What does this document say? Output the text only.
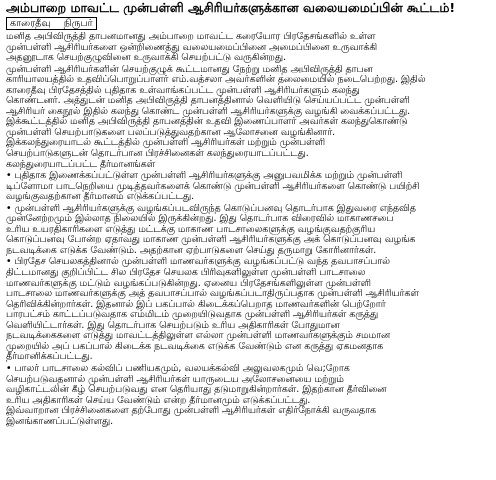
அம்பாறை மாவட்ட முன்பள்ளி ஆசிரியர்களுக்கான வலையமைப்பின் கூட்டம்!
காரைதீவு நிருபர்
மனித அபிவிருத்தி தாபனமானது அம்பாறை மாவட்ட கரையோர பிரதேசங்களில் உள்ள
முன்பள்ளி ஆசிரியர்களை ஒன்றிணைத்து வலையமைப்பினை அமைப்பினை உருவாக்கி
அதனூடாக செயற்குழுவினை உருவாக்கி செயற்பட்டு வருகின்றது.
முன்பள்ளி ஆசிரியர்களின் செயற்குழுக் கூட்டமானது நேற்று மனித அபிவிருத்தி தாபன
காரியாலயத்தில் உதவிப்பொறுப்பாளர் எம்.வத்சலா அவர்களின் தலைமையில் நடைபெற்றது. இதில்
காரைதீவு பிரதேசத்தில் புதிதாக உள்வாங்கப்பட்ட முன்பள்ளி ஆசிரியர்களும் கலந்து
கொண்டனர். அத்துடன் மனித அபிவிருத்தி தாபனத்தினால் வெளியிடு செய்யப்பட்ட முன்பள்ளி
ஆசிரியர் கைநூல் இதில் கலந்து கொண்ட முன்பள்ளி ஆசிரியர்களுக்கு வழங்கி வைக்கப்பட்டது.
இக்கூட்டத்தில் மனித அபிவிருத்தி தாபனத்தின் உதவி இணைப்பாளர் அவர்கள் கலந்துகொண்டு
முன்பள்ளி செயற்பாடுகளை பலப்படுத்துவதற்கான ஆலோசனை வழங்கினார்.
இக்கலந்துரையாடல் கூட்டத்தில் முன்பள்ளி ஆசிரியர்கள் மற்றும் முன்பள்ளி
செயற்பாடுகளுடன் தொடர்பான பிரச்சினைகள் கலந்துரையாடப்பட்டது.
கலந்துரையாடப்பட்ட தீர்மானங்கள்
• புதிதாக இணைக்கப்பட்டுள்ள முன்பள்ளி ஆசிரியர்களுக்கு அனுபவமிக்க மற்றும் முன்பள்ளி
டிப்ளோமா பாடநெறியை முடித்தவர்களைக் கொண்டு முன்பள்ளி ஆசிரியர்களை கொண்டு பயிற்சி
வழங்குவதற்கான தீர்மானம் எடுக்கப்பட்டது.
• முன்பள்ளி ஆசிரியர்களுக்கு வழங்கப்படவிருந்த கொடுப்பனவு தொடர்பாக இதுவரை எந்தவித
முன்னேற்றமும் இல்லாத நிலையில் இருக்கின்றது. இது தொடர்பாக விரைவில் மாகாணசபை
உரிய உயரதிகாரிகளை எடுத்து மட்டக்கு மாகாண பாடசாலைகளுக்கு வழங்குவதற்குரிய
கொடுப்பனவு போன்ற ஏதாவது மாகாண முன்பள்ளி ஆசிரியர்களுக்கு அக் கொடுப்பனவு வழங்க
நடவடிக்கை எடுக்க வேண்டும். அதற்கான ஏற்பாடுகளை செய்து தருமாறு கோரினார்கள்.
• பிரதேச செயலகத்தினால் முன்பள்ளி மாணவர்களுக்கு வழங்கப்பட்டு வந்த தவபாசப்பால்
திட்டமானது குறிப்பிட்ட சில பிரதேச செயலக பிரிவுகளிலுள்ள முன்பள்ளி பாடசாலை
மாணவர்களுக்கு மட்டும் வழங்கப்படுகின்றது. ஏனைய பிரதேசங்களிலுள்ள முன்பள்ளி
பாடசாலை மாணவர்களுக்கு அத் தவபாசப்பால் வழங்கப்படாதிருப்பதாக முன்பள்ளி ஆசிரியர்கள்
தெரிவிக்கின்றார்கள். இதனால் இப் பகப்பால் கிடைக்கப்பெறாத மாணவர்களின் பெற்றோர்
பாரபட்சம் காட்டப்படுவதாக எம்மிடம் முறையிடுவதாக முன்பள்ளி ஆசிரியர்கள் கருத்து
வெளியிட்டார்கள். இது தொடர்பாக செயற்படும் உரிய அதிகாரிகள் போதுமான
நடவடிக்கைகளை எடுத்து மாவட்டத்திலுள்ள எல்லா முன்பள்ளி மாணவர்களுக்கும் சமமான
முறையில் அப் பகப்பால் கிடைக்க நடவடிக்கை எடுக்க வேண்டும் என கருத்து ஏகமனதாக
தீர்மானிக்கப்பட்டது.
• பாலர் பாடசாலை கல்விப் பணியகமும், வலயக்கல்வி அலுவலகமும் வெ;றோக
செயற்படுவதனால் முன்பள்ளி ஆசிரியர்கள் யாருடைய அலோசனையை மற்றும்
வழிகாட்டலின் கீழ் செயற்படுவது என தெரியாது தடுமாறுகின்றார்கள். இதற்கான தீர்வினை
உரிய அதிகாரிகள் செய்ய வேண்டும் என்ற தீர்மானமும் எடுக்கப்பட்டது.
இவ்வாறான பிரச்சினைகளை தற்போது முன்பள்ளி ஆசிரியர்கள் எதிர்நோக்கி வருவதாக
இனங்காணப்பட்டுள்ளது.
